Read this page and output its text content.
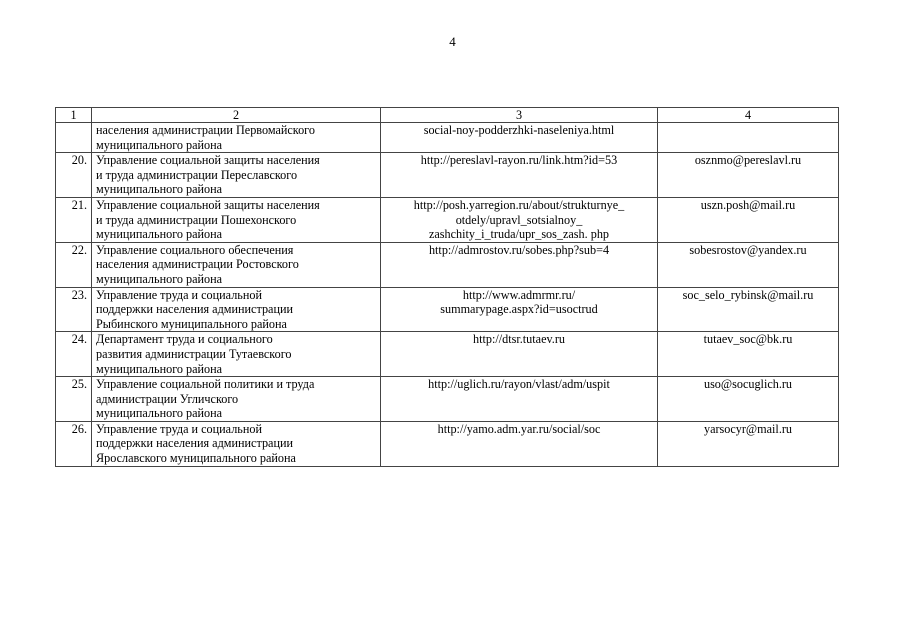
4
1	2	3	4

	населения администрации Первомайского
муниципального района	social-noy-podderzhki-naseleniya.html	

20.	Управление социальной защиты населения
и труда администрации Переславского
муниципального района	http://pereslavl-rayon.ru/link.htm?id=53	osznmo@pereslavl.ru
21.	Управление социальной защиты населения
и труда администрации Пошехонского
муниципального района	http://posh.yarregion.ru/about/strukturnye_
otdely/upravl_sotsialnoy_
zashchity_i_truda/upr_sos_zash. php	uszn.posh@mail.ru
22.	Управление социального обеспечения
населения администрации Ростовского
муниципального района	http://admrostov.ru/sobes.php?sub=4	sobesrostov@yandex.ru
23.	Управление труда и социальной
поддержки населения администрации
Рыбинского муниципального района	http://www.admrmr.ru/
summarypage.aspx?id=usoctrud	soc_selo_rybinsk@mail.ru
24.	Департамент труда и социального
развития администрации Тутаевского
муниципального района	http://dtsr.tutaev.ru	tutaev_soc@bk.ru
25.	Управление социальной политики и труда
администрации Угличского
муниципального района	http://uglich.ru/rayon/vlast/adm/uspit	uso@socuglich.ru
26.	Управление труда и социальной
поддержки населения администрации
Ярославского муниципального района	http://yamo.adm.yar.ru/social/soc	yarsocyr@mail.ru
